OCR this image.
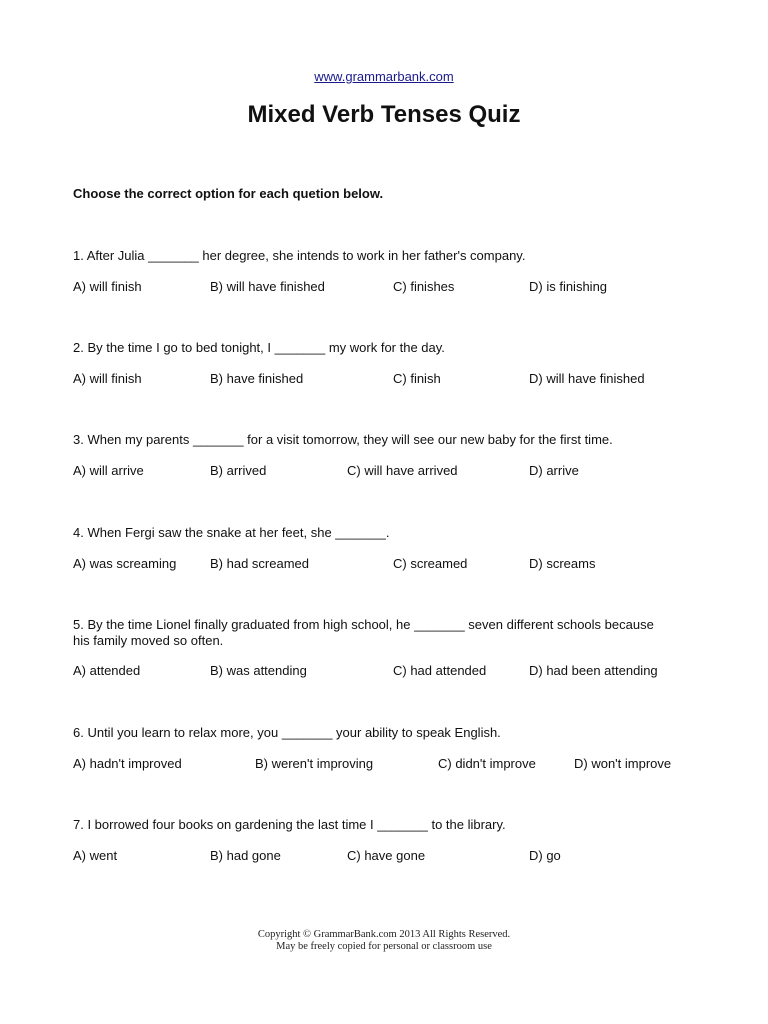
www.grammarbank.com
Mixed Verb Tenses Quiz
Choose the correct option for each quetion below.

1. After Julia _______ her degree, she intends to work in her father's company.

A) will finish	B) will have finished	C) finishes	D) is finishing

2. By the time I go to bed tonight, I _______ my work for the day.

A) will finish	B) have finished	C) finish	D) will have finished

3. When my parents _______ for a visit tomorrow, they will see our new baby for the first time.

A) will arrive	B) arrived	C) will have arrived	D) arrive

4. When Fergi saw the snake at her feet, she _______.

A) was screaming	B) had screamed	C) screamed	D) screams

5. By the time Lionel finally graduated from high school, he _______ seven different schools because his family moved so often.

A) attended	B) was attending	C) had attended	D) had been attending

6. Until you learn to relax more, you _______ your ability to speak English.

A) hadn't improved	B) weren't improving	C) didn't improve	D) won't improve

7. I borrowed four books on gardening the last time I _______ to the library.

A) went	B) had gone	C) have gone	D) go
Copyright © GrammarBank.com 2013 All Rights Reserved.
May be freely copied for personal or classroom use
